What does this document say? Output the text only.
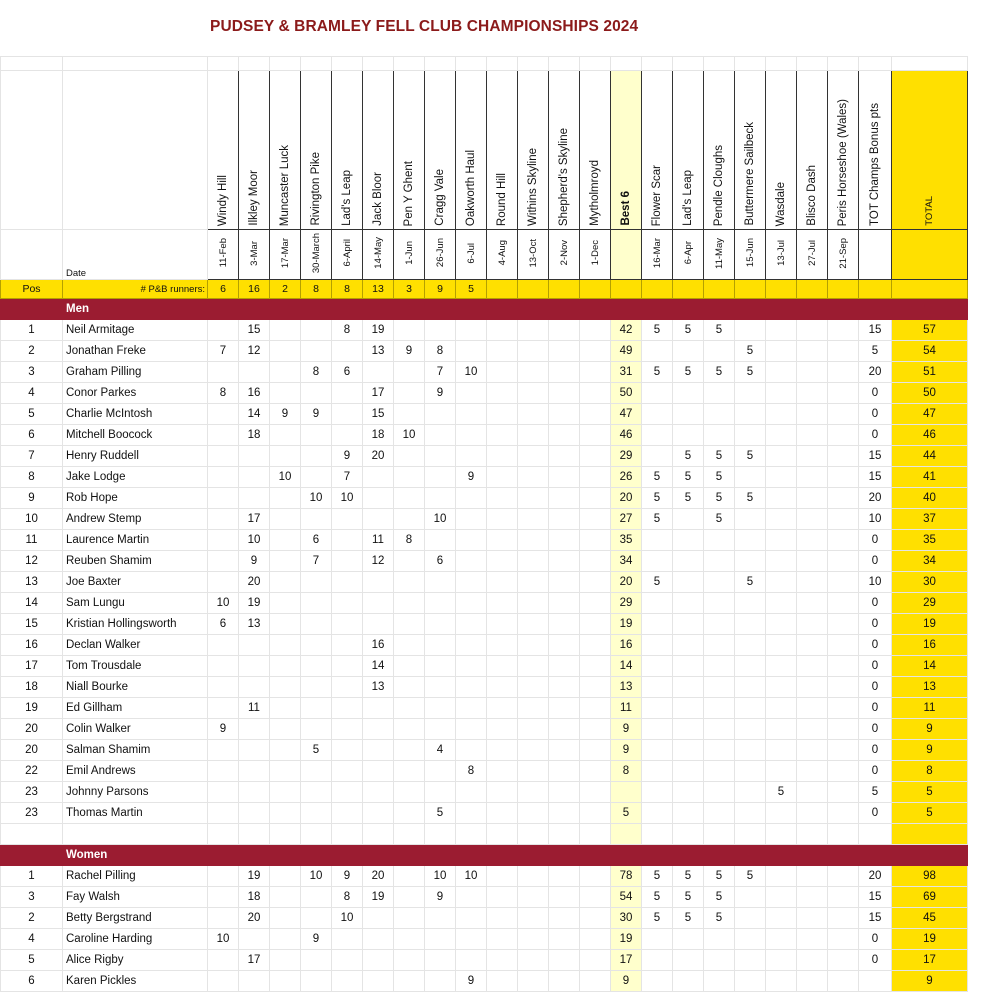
PUDSEY & BRAMLEY FELL CLUB CHAMPIONSHIPS 2024

		Windy Hill	Ilkley Moor	Muncaster Luck	Rivington Pike	Lad's Leap	Jack Bloor	Pen Y Ghent	Cragg Vale	Oakworth Haul	Round Hill	Withins Skyline	Shepherd's Skyline	Mytholmroyd	Best 6	Flower Scar	Lad's Leap	Pendle Cloughs	Buttermere Sailbeck	Wasdale	Blisco Dash	Peris Horseshoe (Wales)	TOT Champs Bonus pts	TOTAL
	Date	11-Feb	3-Mar	17-Mar	30-March	6-April	14-May	1-Jun	26-Jun	6-Jul	4-Aug	13-Oct	2-Nov	1-Dec		16-Mar	6-Apr	11-May	15-Jun	13-Jul	27-Jul	21-Sep		
Pos	# P&B runners:	6	16	2	8	8	13	3	9	5														
	Men																							
1	Neil Armitage		15			8	19								42	5	5	5					15	57
2	Jonathan Freke	7	12				13	9	8						49				5				5	54
3	Graham Pilling				8	6			7	10					31	5	5	5	5				20	51
4	Conor Parkes	8	16				17		9						50								0	50
5	Charlie McIntosh		14	9	9		15								47								0	47
6	Mitchell Boocock		18				18	10							46								0	46
7	Henry Ruddell					9	20								29		5	5	5				15	44
8	Jake Lodge			10		7				9					26	5	5	5					15	41
9	Rob Hope				10	10									20	5	5	5	5				20	40
10	Andrew Stemp		17						10						27	5		5					10	37
11	Laurence Martin		10		6		11	8							35								0	35
12	Reuben Shamim		9		7		12		6						34								0	34
13	Joe Baxter		20												20	5			5				10	30
14	Sam Lungu	10	19												29								0	29
15	Kristian Hollingsworth	6	13												19								0	19
16	Declan Walker						16								16								0	16
17	Tom Trousdale						14								14								0	14
18	Niall Bourke						13								13								0	13
19	Ed Gillham		11												11								0	11
20	Colin Walker	9													9								0	9
20	Salman Shamim				5				4						9								0	9
22	Emil Andrews									8					8								0	8
23	Johnny Parsons																			5			5	5
23	Thomas Martin								5						5								0	5

	Women																							
1	Rachel Pilling		19		10	9	20		10	10					78	5	5	5	5				20	98
3	Fay Walsh		18			8	19		9						54	5	5	5					15	69
2	Betty Bergstrand		20			10									30	5	5	5					15	45
4	Caroline Harding	10			9										19								0	19
5	Alice Rigby		17												17								0	17
6	Karen Pickles									9					9									9
